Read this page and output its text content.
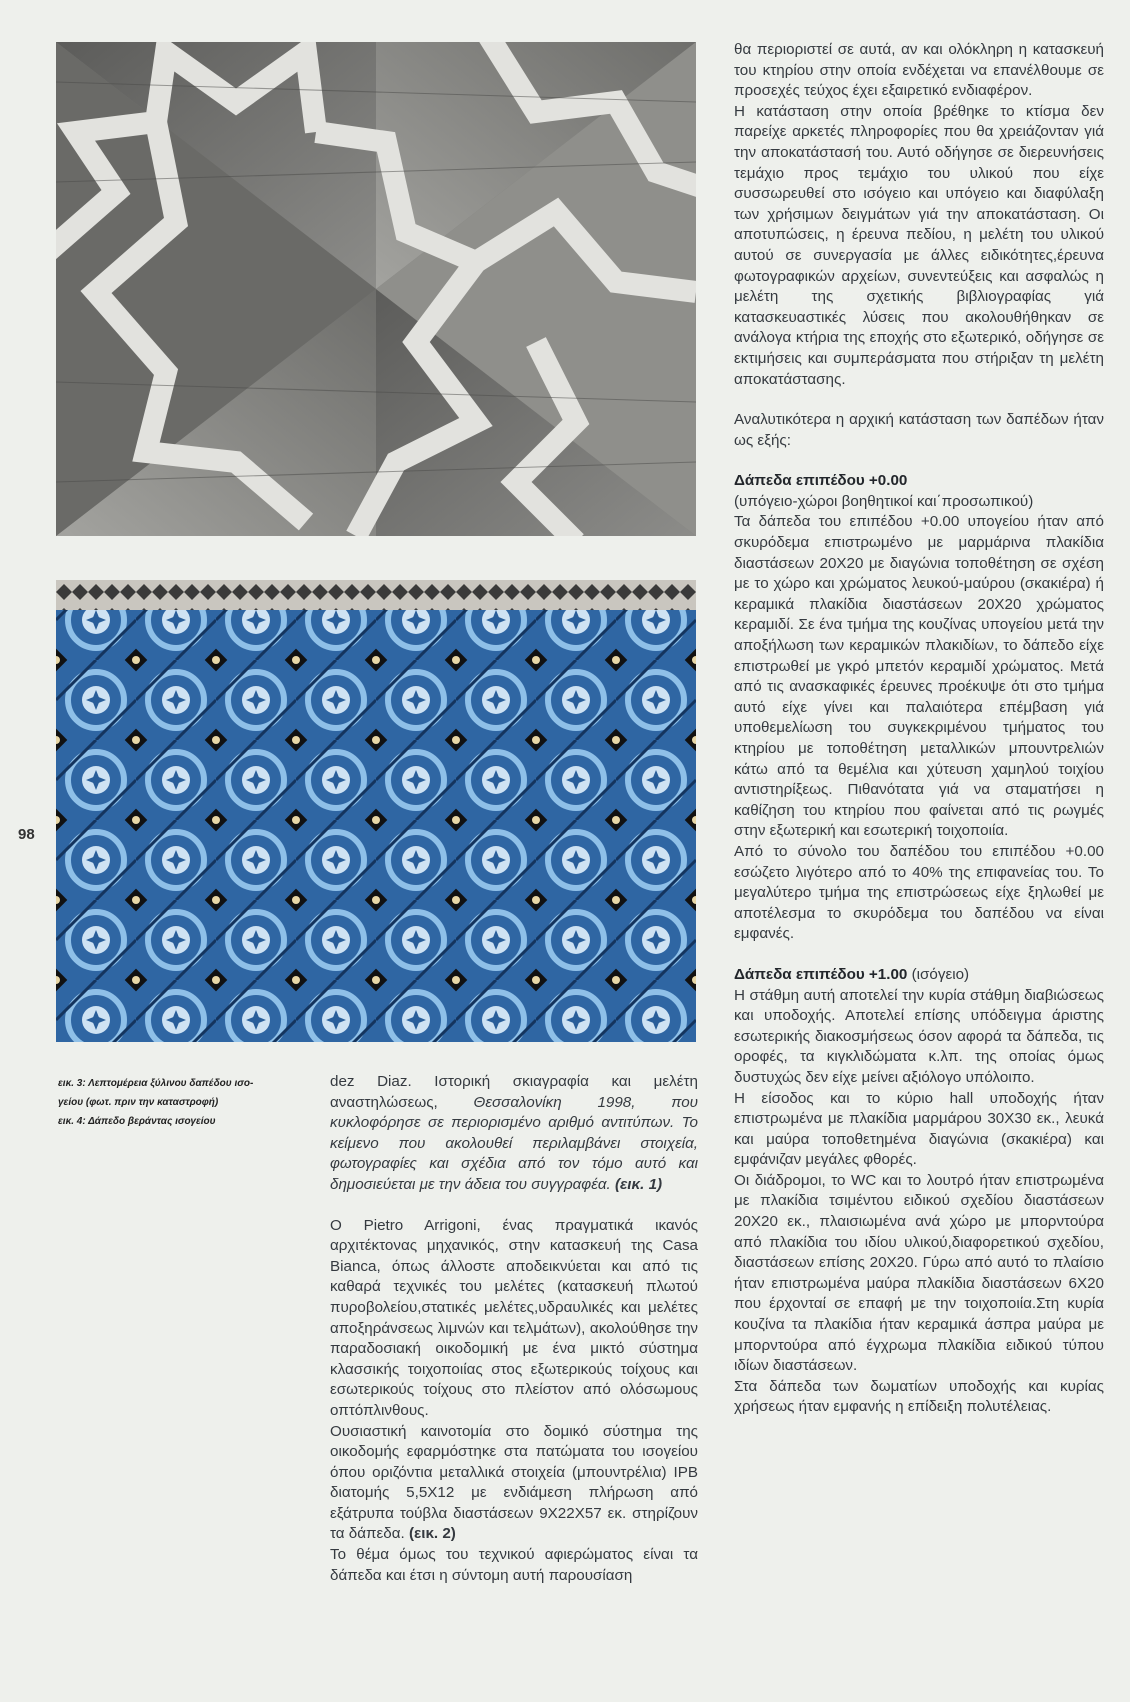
98

εικ. 3: Λεπτομέρεια ξύλινου δαπέδου ισο-

γείου (φωτ. πριν την καταστροφή)

εικ. 4: Δάπεδο βεράντας ισογείου

θα περιοριστεί σε αυτά, αν και ολόκληρη η κατασκευή του κτηρίου στην οποία ενδέχεται να επανέλθουμε σε προσεχές τεύχος έχει εξαιρετικό ενδιαφέρον.

Η κατάσταση στην οποία βρέθηκε το κτίσμα δεν παρείχε αρκετές πληροφορίες που θα χρειάζονταν γιά την αποκατάστασή του. Αυτό οδήγησε σε διερευνήσεις τεμάχιο προς τεμάχιο του υλικού που είχε συσσωρευθεί στο ισόγειο και υπόγειο και διαφύλαξη των χρήσιμων δειγμάτων γιά την αποκατάσταση. Οι αποτυπώσεις, η έρευνα πεδίου, η μελέτη του υλικού αυτού σε συνεργασία με άλλες ειδικότητες,έρευνα φωτογραφικών αρχείων, συνεντεύξεις και ασφαλώς η μελέτη της σχετικής βιβλιογραφίας γιά κατασκευαστικές λύσεις που ακολουθήθηκαν σε ανάλογα κτήρια της εποχής στο εξωτερικό, οδήγησε σε εκτιμήσεις και συμπεράσματα που στήριξαν τη μελέτη αποκατάστασης.

Αναλυτικότερα η αρχική κατάσταση των δαπέδων ήταν ως εξής:

Δάπεδα επιπέδου +0.00

(υπόγειο-χώροι βοηθητικοί και΄προσωπικού)

Τα δάπεδα του επιπέδου +0.00 υπογείου ήταν από σκυρόδεμα επιστρωμένο με μαρμάρινα πλακίδια διαστάσεων 20Χ20 με διαγώνια τοποθέτηση σε σχέση με το χώρο και χρώματος λευκού-μαύρου (σκακιέρα) ή κεραμικά πλακίδια διαστάσεων 20Χ20 χρώματος κεραμιδί. Σε ένα τμήμα της κουζίνας υπογείου μετά την αποξήλωση των κεραμικών πλακιδίων, το δάπεδο είχε επιστρωθεί με γκρό μπετόν κεραμιδί χρώματος. Μετά από τις ανασκαφικές έρευνες προέκυψε ότι στο τμήμα αυτό είχε γίνει και παλαιότερα επέμβαση γιά υποθεμελίωση του συγκεκριμένου τμήματος του κτηρίου με τοποθέτηση μεταλλικών μπουντρελιών κάτω από τα θεμέλια και χύτευση χαμηλού τοιχίου αντιστηρίξεως. Πιθανότατα γιά να σταματήσει η καθίζηση του κτηρίου που φαίνεται από τις ρωγμές στην εξωτερική και εσωτερική τοιχοποιία.

Από το σύνολο του δαπέδου του επιπέδου +0.00 εσώζετο λιγότερο από το 40% της επιφανείας του. Το μεγαλύτερο τμήμα της επιστρώσεως είχε ξηλωθεί με αποτέλεσμα το σκυρόδεμα του δαπέδου να είναι εμφανές.

Δάπεδα επιπέδου +1.00 (ισόγειο)

Η στάθμη αυτή αποτελεί την κυρία στάθμη διαβιώσεως και υποδοχής. Αποτελεί επίσης υπόδειγμα άριστης εσωτερικής διακοσμήσεως όσον αφορά τα δάπεδα, τις οροφές, τα κιγκλιδώματα κ.λπ. της οποίας όμως δυστυχώς δεν είχε μείνει αξιόλογο υπόλοιπο.

Η είσοδος και το κύριο hall υποδοχής ήταν επιστρωμένα με πλακίδια μαρμάρου 30Χ30 εκ., λευκά και μαύρα τοποθετημένα διαγώνια (σκακιέρα) και εμφάνιζαν μεγάλες φθορές.

Οι διάδρομοι, το WC και το λουτρό ήταν επιστρωμένα με πλακίδια τσιμέντου ειδικού σχεδίου διαστάσεων 20Χ20 εκ., πλαισιωμένα ανά χώρο με μπορντούρα από πλακίδια του ιδίου υλικού,διαφορετικού σχεδίου, διαστάσεων επίσης 20Χ20. Γύρω από αυτό το πλαίσιο ήταν επιστρωμένα μαύρα πλακίδια διαστάσεων 6Χ20 που έρχονταί σε επαφή με την τοιχοποιία.Στη κυρία κουζίνα τα πλακίδια ήταν κεραμικά άσπρα μαύρα με μπορντούρα από έγχρωμα πλακίδια ειδικού τύπου ιδίων διαστάσεων.

Στα δάπεδα των δωματίων υποδοχής και κυρίας χρήσεως ήταν εμφανής η επίδειξη πολυτέλειας.

dez Diaz. Ιστορική σκιαγραφία και μελέτη αναστηλώσεως, Θεσσαλονίκη 1998, που κυκλοφόρησε σε περιορισμένο αριθμό αντιτύπων. Το κείμενο που ακολουθεί περιλαμβάνει στοιχεία, φωτογραφίες και σχέδια από τον τόμο αυτό και δημοσιεύεται με την άδεια του συγγραφέα. (εικ. 1)

Ο Pietro Arrigoni, ένας πραγματικά ικανός αρχιτέκτονας μηχανικός, στην κατασκευή της Casa Bianca, όπως άλλοστε αποδεικνύεται και από τις καθαρά τεχνικές του μελέτες (κατασκευή πλωτού πυροβολείου,στατικές μελέτες,υδραυλικές και μελέτες αποξηράνσεως λιμνών και τελμάτων), ακολούθησε την παραδοσιακή οικοδομική με ένα μικτό σύστημα κλασσικής τοιχοποιίας στος εξωτερικούς τοίχους και εσωτερικούς τοίχους στο πλείστον από ολόσωμους οπτόπλινθους.

Ουσιαστική καινοτομία στο δομικό σύστημα της οικοδομής εφαρμόστηκε στα πατώματα του ισογείου όπου οριζόντια μεταλλικά στοιχεία (μπουντρέλια) IPB διατομής 5,5Χ12 με ενδιάμεση πλήρωση από εξάτρυπα τούβλα διαστάσεων 9Χ22Χ57 εκ. στηρίζουν τα δάπεδα. (εικ. 2)

Το θέμα όμως του τεχνικού αφιερώματος είναι τα δάπεδα και έτσι η σύντομη αυτή παρουσίαση
